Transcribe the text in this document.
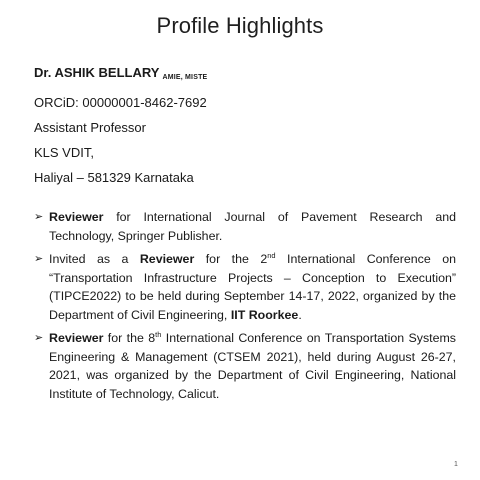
Profile Highlights
Dr. ASHIK BELLARY AMIE, MISTE
ORCiD: 00000001-8462-7692
Assistant Professor
KLS VDIT,
Haliyal – 581329 Karnataka
➢ Reviewer for International Journal of Pavement Research and Technology, Springer Publisher.
➢ Invited as a Reviewer for the 2nd International Conference on “Transportation Infrastructure Projects – Conception to Execution” (TIPCE2022) to be held during September 14-17, 2022, organized by the Department of Civil Engineering, IIT Roorkee.
➢ Reviewer for the 8th International Conference on Transportation Systems Engineering & Management (CTSEM 2021), held during August 26-27, 2021, was organized by the Department of Civil Engineering, National Institute of Technology, Calicut.
1
